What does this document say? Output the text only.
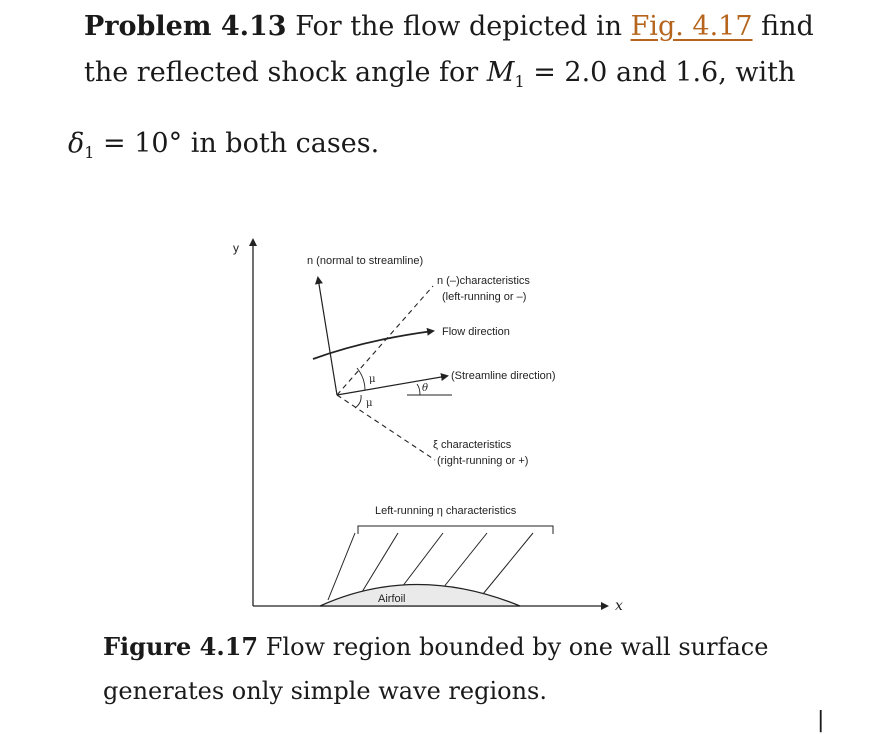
Problem 4.13 For the flow depicted in Fig. 4.17 find
the reflected shock angle for $M_1 = 2.0$ and 1.6, with
$\delta_1 = 10^\circ$ in both cases.
y
x
n (normal to streamline)
n (–)characteristics
(left-running or –)
Flow direction
(Streamline direction)
θ
ξ characteristics
(right-running or +)
μ
μ
Left-running η characteristics
Airfoil
Figure 4.17 Flow region bounded by one wall surface
generates only simple wave regions.
|
